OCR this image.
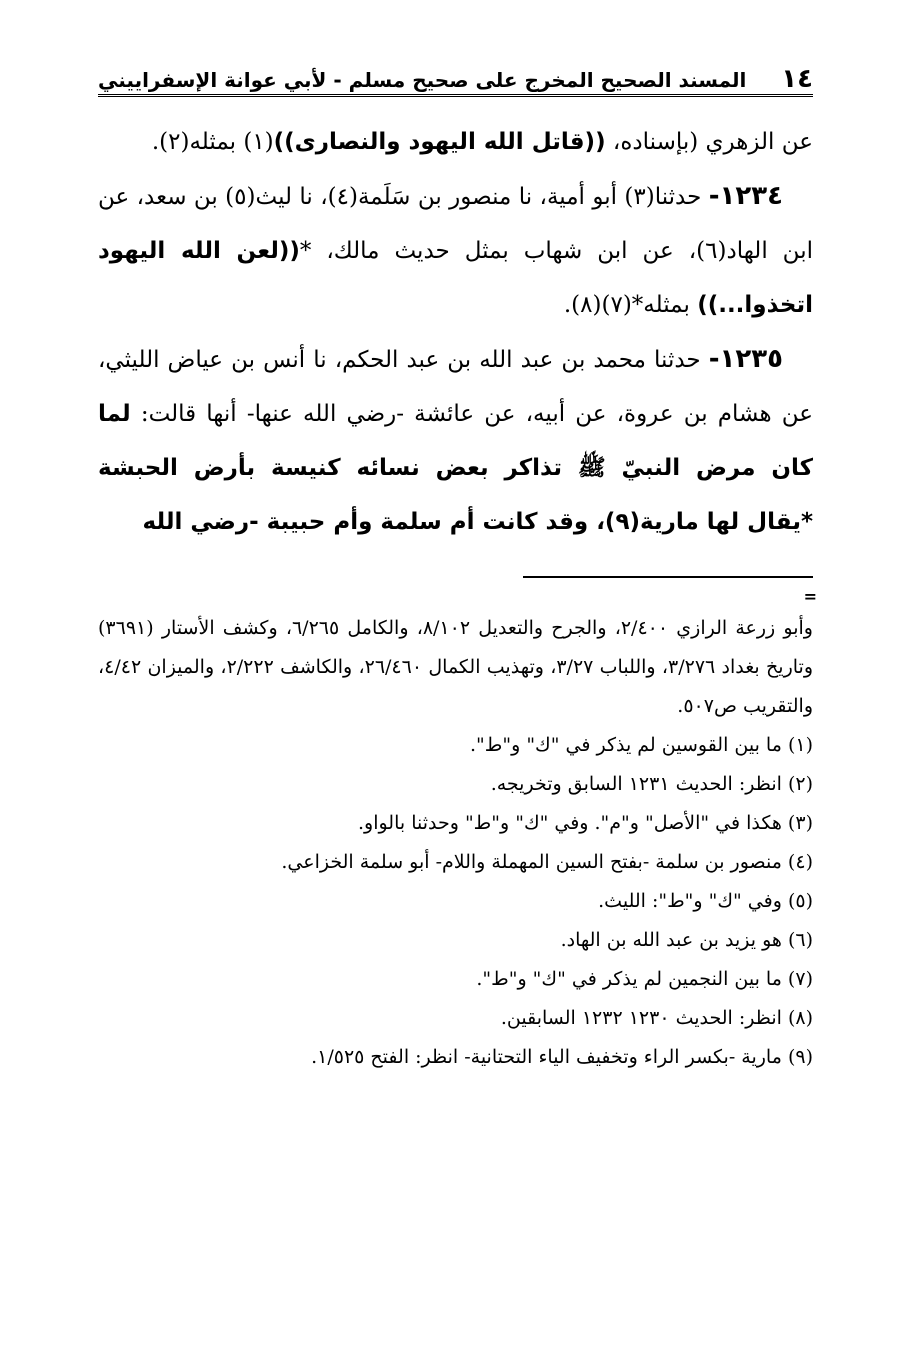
١٤
المسند الصحيح المخرج على صحيح مسلم - لأبي عوانة الإسفراييني

عن الزهري (بإسناده، ((قاتل الله اليهود والنصارى))(١) بمثله(٢).

١٢٣٤- حدثنا(٣) أبو أمية، نا منصور بن سَلَمة(٤)، نا ليث(٥) بن سعد، عن ابن الهاد(٦)، عن ابن شهاب بمثل حديث مالك، *((لعن الله اليهود اتخذوا...)) بمثله*(٧)(٨).

١٢٣٥- حدثنا محمد بن عبد الله بن عبد الحكم، نا أنس بن عياض الليثي، عن هشام بن عروة، عن أبيه، عن عائشة -رضي الله عنها- أنها قالت: لما كان مرض النبيّ ﷺ تذاكر بعض نسائه كنيسة بأرض الحبشة *يقال لها مارية(٩)، وقد كانت أم سلمة وأم حبيبة -رضي الله

=

وأبو زرعة الرازي ٢/٤٠٠، والجرح والتعديل ٨/١٠٢، والكامل ٦/٢٦٥، وكشف الأستار (٣٦٩١) وتاريخ بغداد ٣/٢٧٦، واللباب ٣/٢٧، وتهذيب الكمال ٢٦/٤٦٠، والكاشف ٢/٢٢٢، والميزان ٤/٤٢، والتقريب ص٥٠٧.

(١) ما بين القوسين لم يذكر في "ك" و"ط".

(٢) انظر: الحديث ١٢٣١ السابق وتخريجه.

(٣) هكذا في "الأصل" و"م". وفي "ك" و"ط" وحدثنا بالواو.

(٤) منصور بن سلمة -بفتح السين المهملة واللام- أبو سلمة الخزاعي.

(٥) وفي "ك" و"ط": الليث.

(٦) هو يزيد بن عبد الله بن الهاد.

(٧) ما بين النجمين لم يذكر في "ك" و"ط".

(٨) انظر: الحديث ١٢٣٠ ١٢٣٢ السابقين.

(٩) مارية -بكسر الراء وتخفيف الياء التحتانية- انظر: الفتح ١/٥٢٥.
